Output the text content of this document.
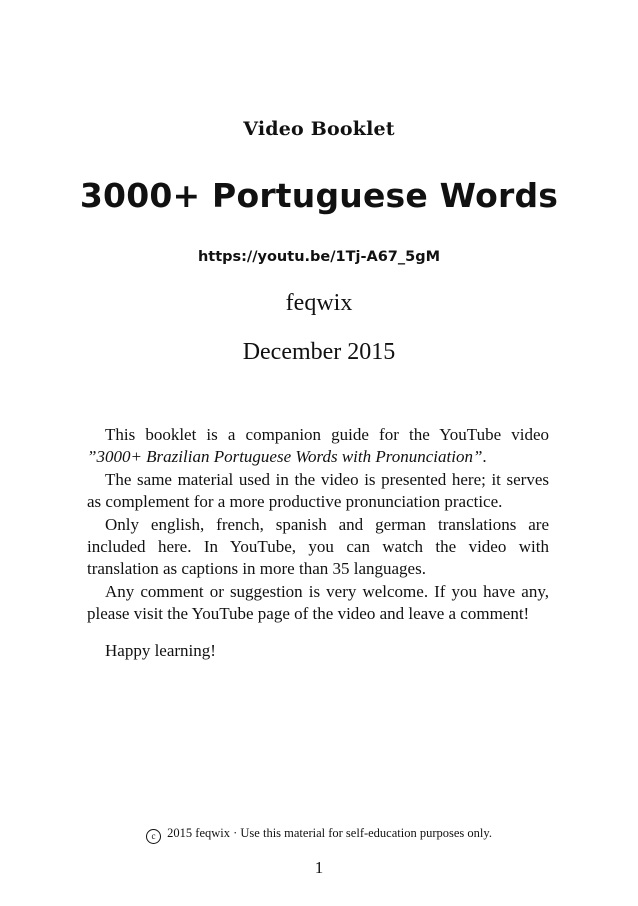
Video Booklet
3000+ Portuguese Words
https://youtu.be/1Tj-A67_5gM
feqwix
December 2015

This booklet is a companion guide for the YouTube video ”3000+ Brazilian Portuguese Words with Pronunciation”.

The same material used in the video is presented here; it serves as complement for a more productive pronunciation practice.

Only english, french, spanish and german translations are included here. In YouTube, you can watch the video with translation as captions in more than 35 languages.

Any comment or suggestion is very welcome. If you have any, please visit the YouTube page of the video and leave a comment!

Happy learning!

c 2015 feqwix · Use this material for self-education purposes only.
1
